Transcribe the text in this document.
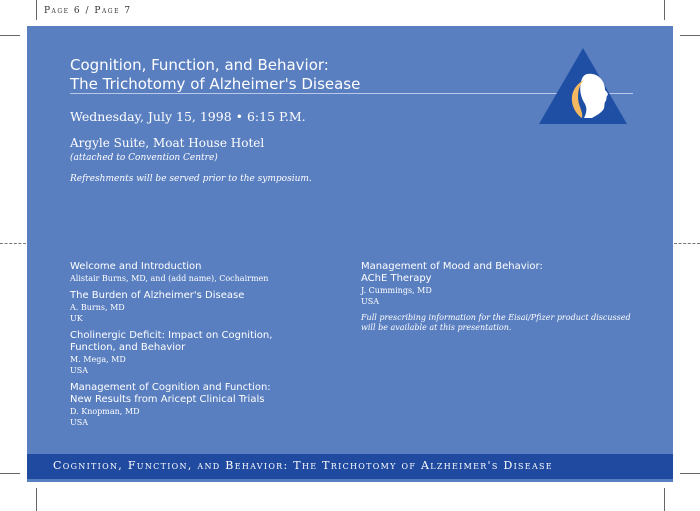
Page 6 / Page 7
Cognition, Function, and Behavior:
The Trichotomy of Alzheimer's Disease
Wednesday, July 15, 1998 • 6:15 P.M.
Argyle Suite, Moat House Hotel
(attached to Convention Centre)
Refreshments will be served prior to the symposium.
Welcome and Introduction
Alistair Burns, MD, and (add name), Cochairmen
The Burden of Alzheimer's Disease
A. Burns, MD
UK
Cholinergic Deficit: Impact on Cognition, Function, and Behavior
M. Mega, MD
USA
Management of Cognition and Function: New Results from Aricept Clinical Trials
D. Knopman, MD
USA
Management of Mood and Behavior:
AChE Therapy
J. Cummings, MD
USA
Full prescribing information for the Eisai/Pfizer product discussed will be available at this presentation.
Cognition, Function, and Behavior: The Trichotomy of Alzheimer's Disease
